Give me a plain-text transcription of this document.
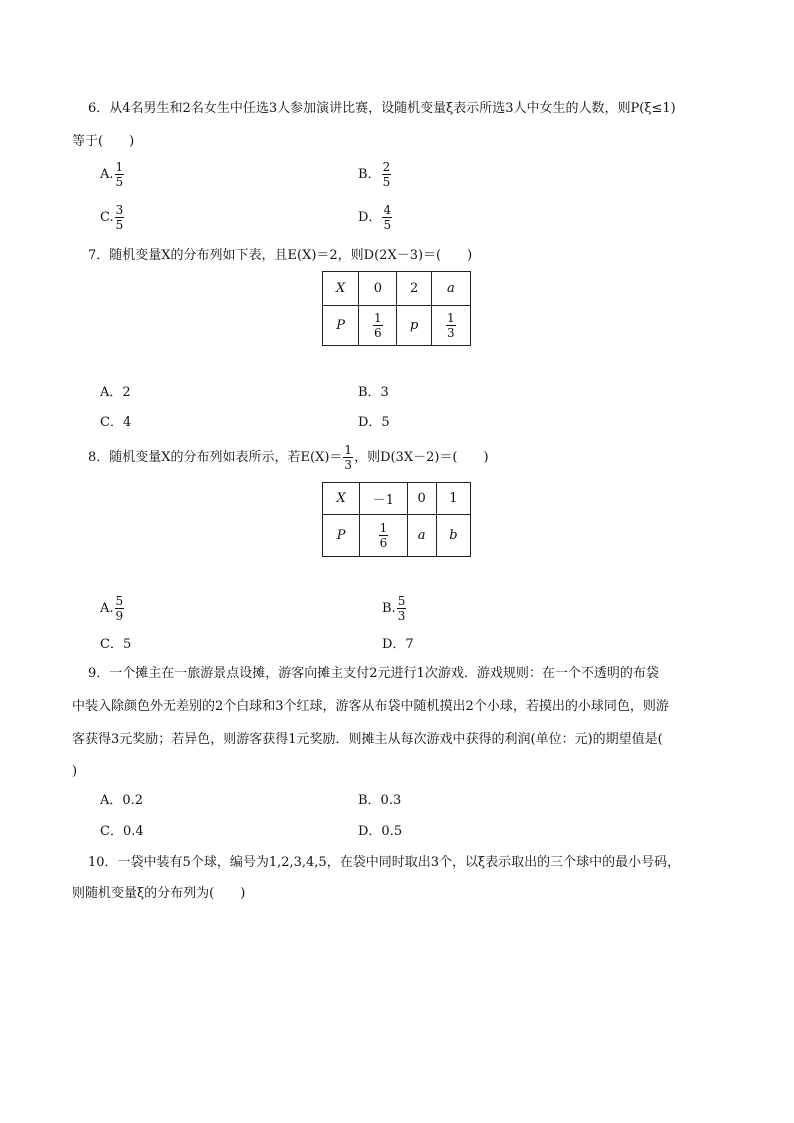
6．从4名男生和2名女生中任选3人参加演讲比赛，设随机变量ξ表示所选3人中女生的人数，则P(ξ≤1)
等于(　　)
A. $\frac{1}{5}$	B． $\frac{2}{5}$
C. $\frac{3}{5}$	D． $\frac{4}{5}$
7．随机变量X的分布列如下表，且E(X)＝2，则D(2X－3)＝(　　)
X	0	2	a
P	$\frac{1}{6}$	p	$\frac{1}{3}$
A．2	B．3
C．4	D．5
8．随机变量X的分布列如表所示，若$E(X)= \frac{1}{3}$ ，则D(3X－2)＝(　　)
X	－1	0	1
P	$\frac{1}{6}$	a	b
A. $\frac{5}{9}$	B. $\frac{5}{3}$
C．5	D．7
9．一个摊主在一旅游景点设摊，游客向摊主支付2元进行1次游戏．游戏规则：在一个不透明的布袋
中装入除颜色外无差别的2个白球和3个红球，游客从布袋中随机摸出2个小球，若摸出的小球同色，则游
客获得3元奖励；若异色，则游客获得1元奖励．则摊主从每次游戏中获得的利润(单位：元)的期望值是(
)
A．0.2	B．0.3
C．0.4	D．0.5
10．一袋中装有5个球，编号为1,2,3,4,5，在袋中同时取出3个，以ξ表示取出的三个球中的最小号码，
则随机变量ξ的分布列为(　　)
